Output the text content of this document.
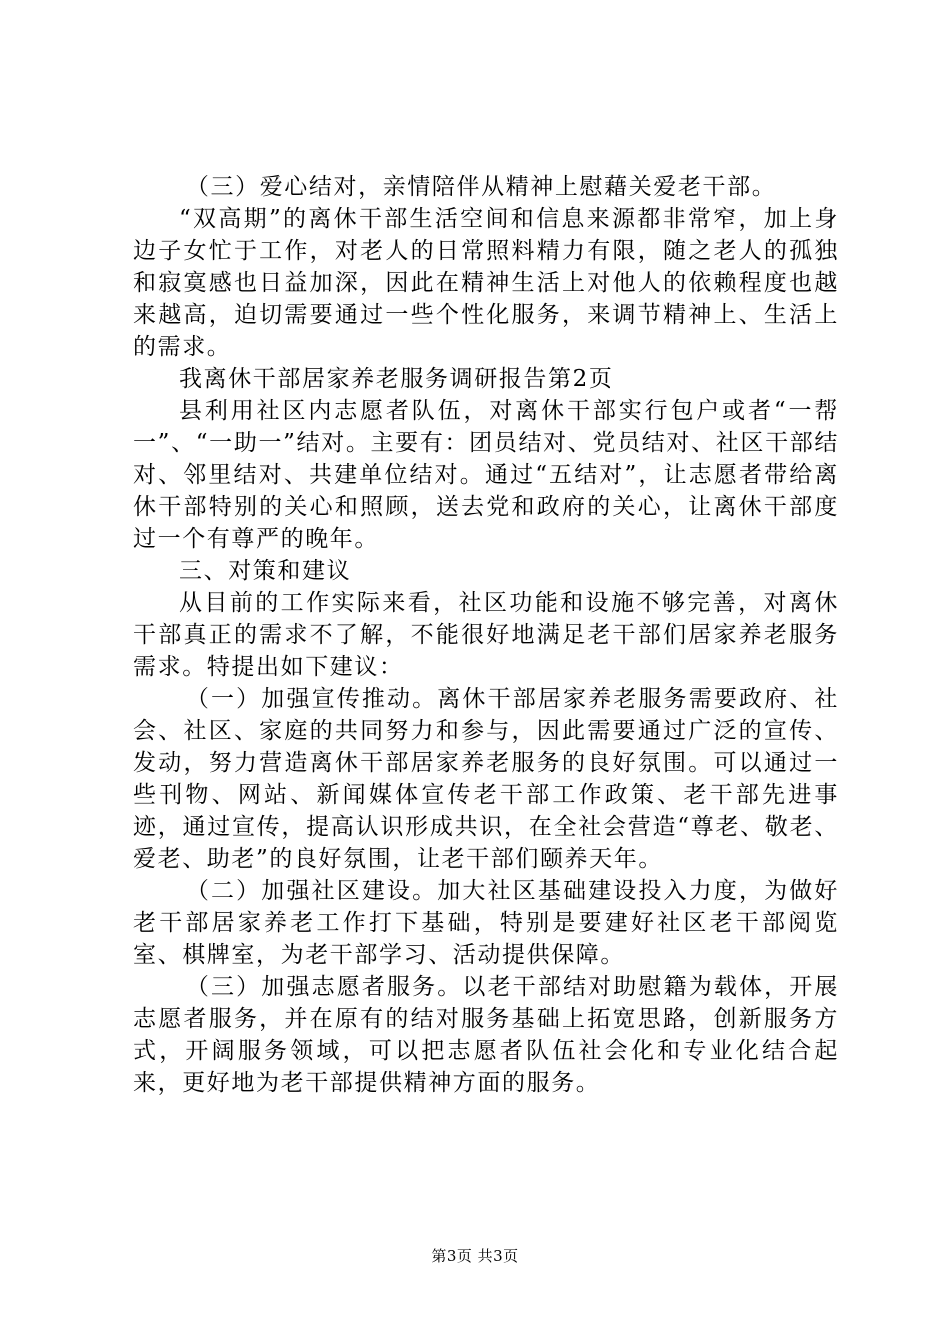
（三）爱心结对，亲情陪伴从精神上慰藉关爱老干部。

“双高期”的离休干部生活空间和信息来源都非常窄，加上身边子女忙于工作，对老人的日常照料精力有限，随之老人的孤独和寂寞感也日益加深，因此在精神生活上对他人的依赖程度也越来越高，迫切需要通过一些个性化服务，来调节精神上、生活上的需求。

我离休干部居家养老服务调研报告第2页

县利用社区内志愿者队伍，对离休干部实行包户或者“一帮一”、“一助一”结对。主要有：团员结对、党员结对、社区干部结对、邻里结对、共建单位结对。通过“五结对”，让志愿者带给离休干部特别的关心和照顾，送去党和政府的关心，让离休干部度过一个有尊严的晚年。

三、对策和建议

从目前的工作实际来看，社区功能和设施不够完善，对离休干部真正的需求不了解，不能很好地满足老干部们居家养老服务需求。特提出如下建议：

（一）加强宣传推动。离休干部居家养老服务需要政府、社会、社区、家庭的共同努力和参与，因此需要通过广泛的宣传、发动，努力营造离休干部居家养老服务的良好氛围。可以通过一些刊物、网站、新闻媒体宣传老干部工作政策、老干部先进事迹，通过宣传，提高认识形成共识，在全社会营造“尊老、敬老、爱老、助老”的良好氛围，让老干部们颐养天年。

（二）加强社区建设。加大社区基础建设投入力度，为做好老干部居家养老工作打下基础，特别是要建好社区老干部阅览室、棋牌室，为老干部学习、活动提供保障。

（三）加强志愿者服务。以老干部结对助慰籍为载体，开展志愿者服务，并在原有的结对服务基础上拓宽思路，创新服务方式，开阔服务领域，可以把志愿者队伍社会化和专业化结合起来，更好地为老干部提供精神方面的服务。

第3页 共3页
